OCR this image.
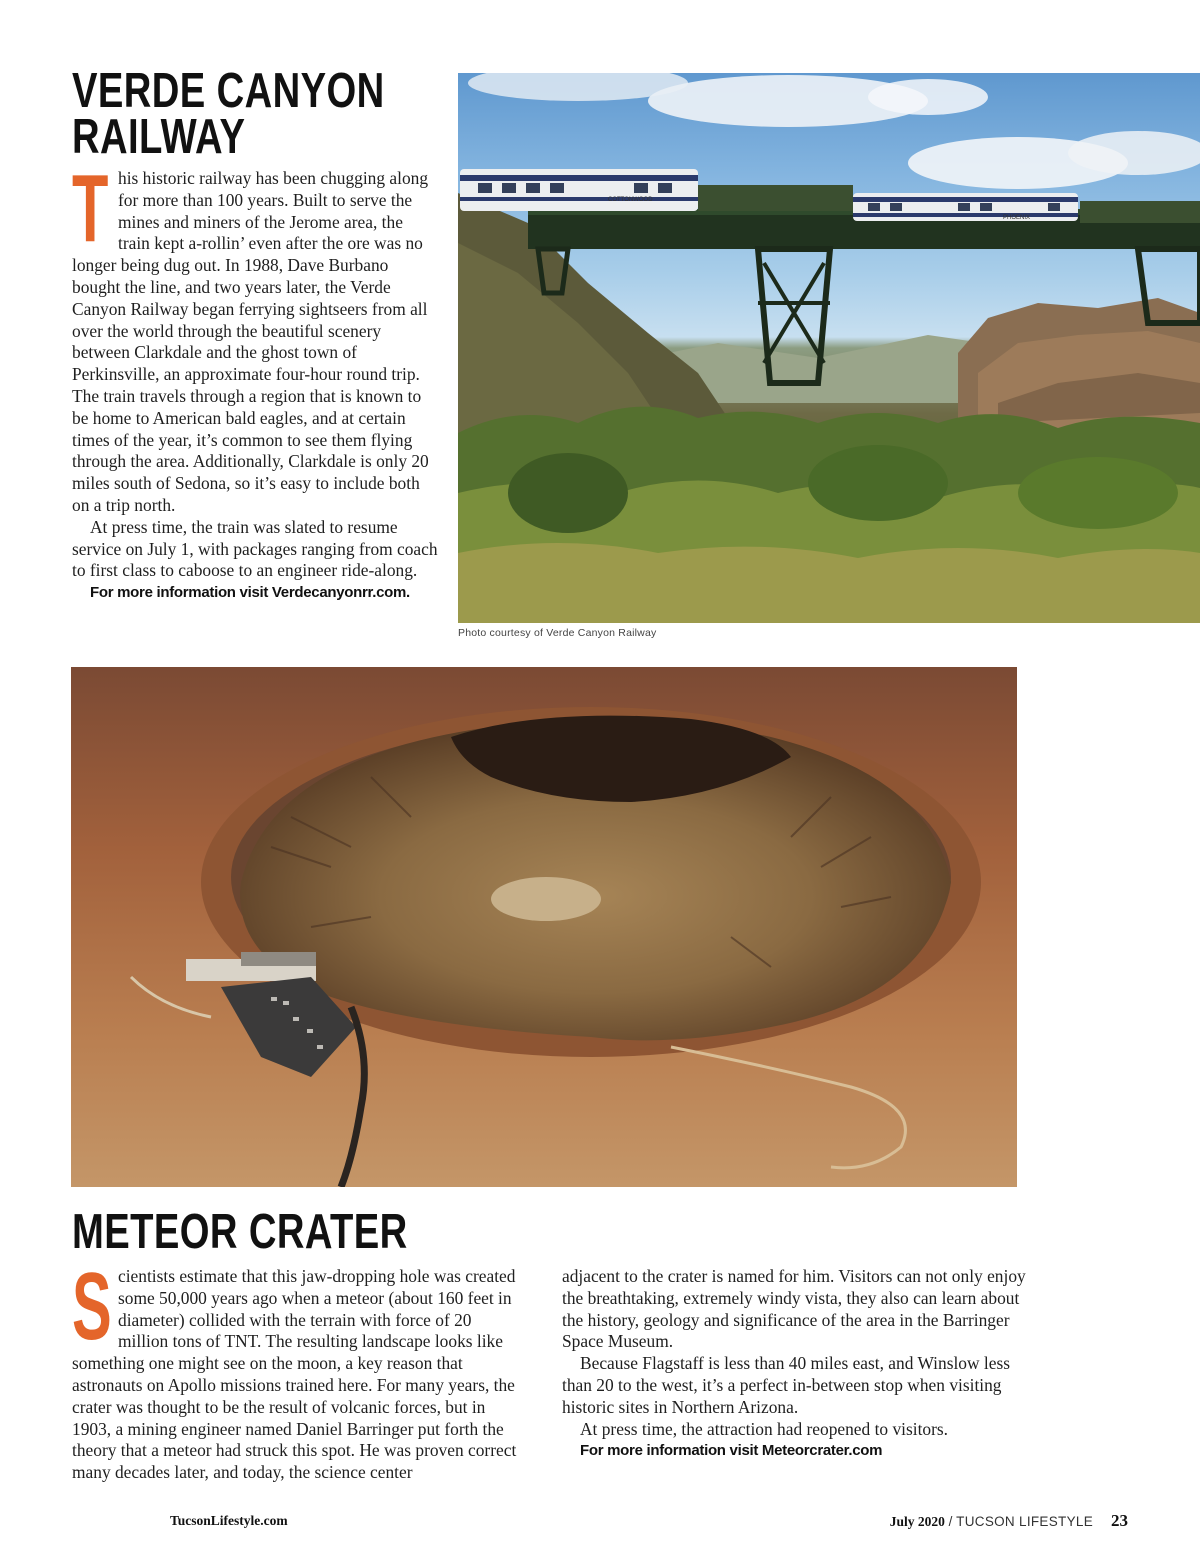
VERDE CANYON
RAILWAY
T his historic railway has been chugging along for more than 100 years. Built to serve the mines and miners of the Jerome area, the train kept a-rollin’ even after the ore was no longer being dug out. In 1988, Dave Burbano bought the line, and two years later, the Verde Canyon Railway began ferrying sightseers from all over the world through the beautiful scenery between Clarkdale and the ghost town of Perkinsville, an approximate four-hour round trip. The train travels through a region that is known to be home to American bald eagles, and at certain times of the year, it’s common to see them flying through the area. Additionally, Clarkdale is only 20 miles south of Sedona, so it’s easy to include both on a trip north.

At press time, the train was slated to resume service on July 1, with packages ranging from coach to first class to caboose to an engineer ride-along.

For more information visit Verdecanyonrr.com.
COTTONWOOD
PHOENIX
Photo courtesy of Verde Canyon Railway
METEOR CRATER
S cientists estimate that this jaw-dropping hole was created some 50,000 years ago when a meteor (about 160 feet in diameter) collided with the terrain with force of 20 million tons of TNT. The resulting landscape looks like something one might see on the moon, a key reason that astronauts on Apollo missions trained here. For many years, the crater was thought to be the result of volcanic forces, but in 1903, a mining engineer named Daniel Barringer put forth the theory that a meteor had struck this spot. He was proven correct many decades later, and today, the science center

adjacent to the crater is named for him. Visitors can not only enjoy the breathtaking, extremely windy vista, they also can learn about the history, geology and significance of the area in the Barringer Space Museum.

Because Flagstaff is less than 40 miles east, and Winslow less than 20 to the west, it’s a perfect in-between stop when visiting historic sites in Northern Arizona.

At press time, the attraction had reopened to visitors.

For more information visit Meteorcrater.com
TucsonLifestyle.com	July 2020 / TUCSON LIFESTYLE 23
